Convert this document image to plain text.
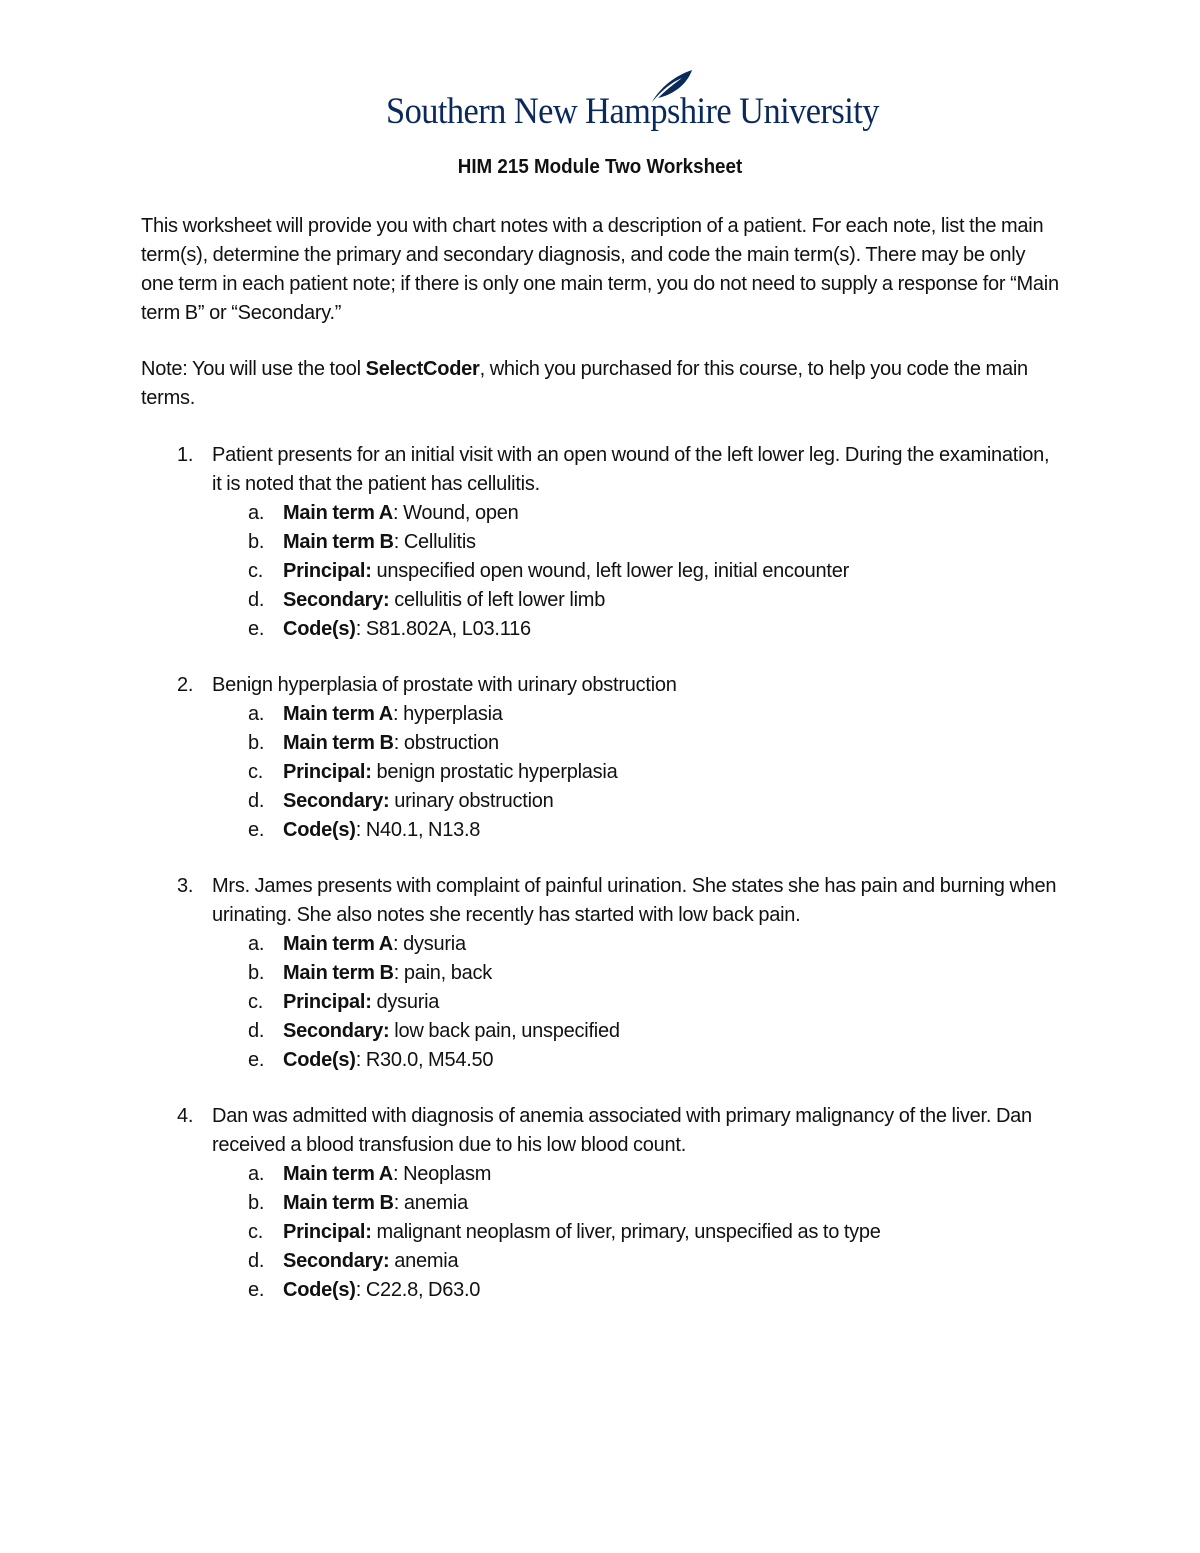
Southern New Hampshire University
HIM 215 Module Two Worksheet
This worksheet will provide you with chart notes with a description of a patient. For each note, list the main term(s), determine the primary and secondary diagnosis, and code the main term(s). There may be only one term in each patient note; if there is only one main term, you do not need to supply a response for “Main term B” or “Secondary.”
Note: You will use the tool SelectCoder, which you purchased for this course, to help you code the main terms.
1. Patient presents for an initial visit with an open wound of the left lower leg. During the examination, it is noted that the patient has cellulitis.
a. Main term A: Wound, open
b. Main term B: Cellulitis
c. Principal: unspecified open wound, left lower leg, initial encounter
d. Secondary: cellulitis of left lower limb
e. Code(s): S81.802A, L03.116
2. Benign hyperplasia of prostate with urinary obstruction
a. Main term A: hyperplasia
b. Main term B: obstruction
c. Principal: benign prostatic hyperplasia
d. Secondary: urinary obstruction
e. Code(s): N40.1, N13.8
3. Mrs. James presents with complaint of painful urination. She states she has pain and burning when urinating. She also notes she recently has started with low back pain.
a. Main term A: dysuria
b. Main term B: pain, back
c. Principal: dysuria
d. Secondary: low back pain, unspecified
e. Code(s): R30.0, M54.50
4. Dan was admitted with diagnosis of anemia associated with primary malignancy of the liver. Dan received a blood transfusion due to his low blood count.
a. Main term A: Neoplasm
b. Main term B: anemia
c. Principal: malignant neoplasm of liver, primary, unspecified as to type
d. Secondary: anemia
e. Code(s): C22.8, D63.0
